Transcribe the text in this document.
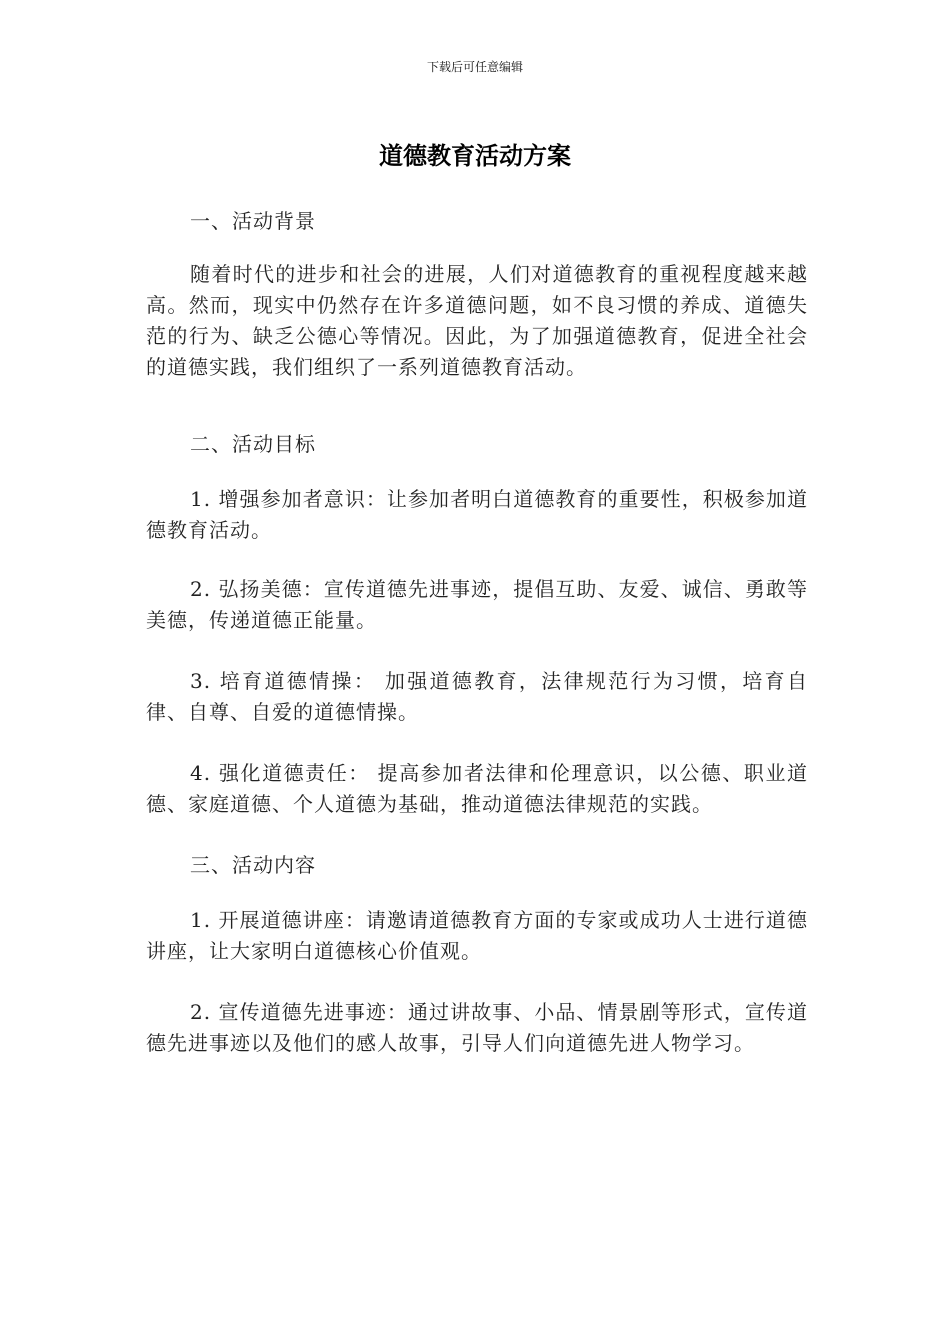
下载后可任意编辑
道德教育活动方案
一、活动背景
随着时代的进步和社会的进展，人们对道德教育的重视程度越来越高。然而，现实中仍然存在许多道德问题，如不良习惯的养成、道德失范的行为、缺乏公德心等情况。因此，为了加强道德教育，促进全社会的道德实践，我们组织了一系列道德教育活动。
二、活动目标
1. 增强参加者意识：让参加者明白道德教育的重要性，积极参加道德教育活动。
2. 弘扬美德：宣传道德先进事迹，提倡互助、友爱、诚信、勇敢等美德，传递道德正能量。
3. 培育道德情操： 加强道德教育，法律规范行为习惯，培育自律、自尊、自爱的道德情操。
4. 强化道德责任： 提高参加者法律和伦理意识，以公德、职业道德、家庭道德、个人道德为基础，推动道德法律规范的实践。
三、活动内容
1. 开展道德讲座：请邀请道德教育方面的专家或成功人士进行道德讲座，让大家明白道德核心价值观。
2. 宣传道德先进事迹：通过讲故事、小品、情景剧等形式，宣传道德先进事迹以及他们的感人故事，引导人们向道德先进人物学习。
